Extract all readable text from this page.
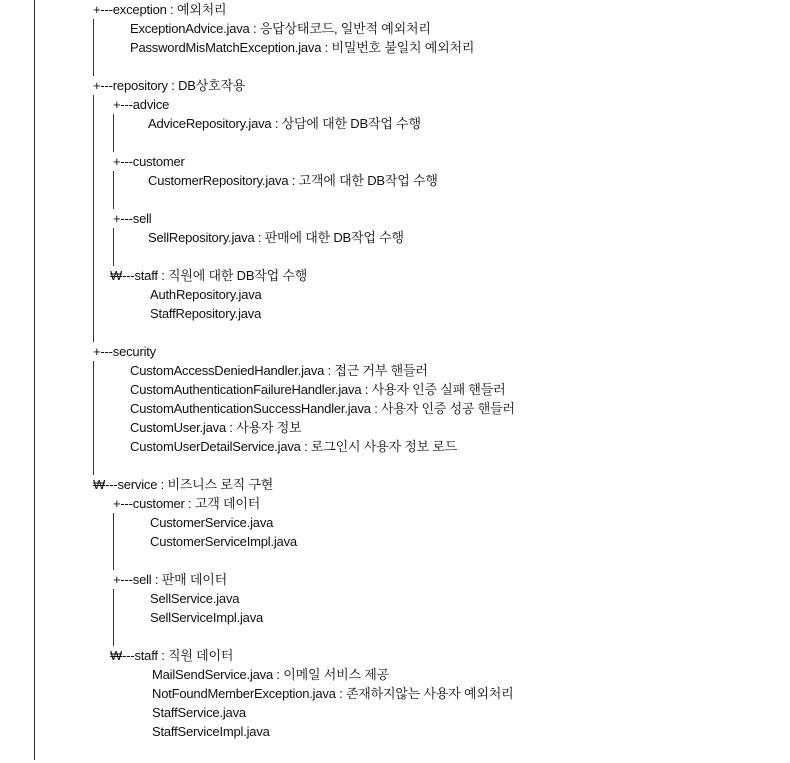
+---exception : 예외처리
ExceptionAdvice.java : 응답상태코드, 일반적 예외처리
PasswordMisMatchException.java : 비밀번호 불일치 예외처리
+---repository : DB상호작용
+---advice
AdviceRepository.java : 상담에 대한 DB작업 수행
+---customer
CustomerRepository.java : 고객에 대한 DB작업 수행
+---sell
SellRepository.java : 판매에 대한 DB작업 수행
₩---staff : 직원에 대한 DB작업 수행
AuthRepository.java
StaffRepository.java
+---security
CustomAccessDeniedHandler.java : 접근 거부 핸들러
CustomAuthenticationFailureHandler.java : 사용자 인증 실패 핸들러
CustomAuthenticationSuccessHandler.java : 사용자 인증 성공 핸들러
CustomUser.java : 사용자 정보
CustomUserDetailService.java : 로그인시 사용자 정보 로드
₩---service : 비즈니스 로직 구현
+---customer : 고객 데이터
CustomerService.java
CustomerServiceImpl.java
+---sell : 판매 데이터
SellService.java
SellServiceImpl.java
₩---staff : 직원 데이터
MailSendService.java : 이메일 서비스 제공
NotFoundMemberException.java : 존재하지않는 사용자 예외처리
StaffService.java
StaffServiceImpl.java
